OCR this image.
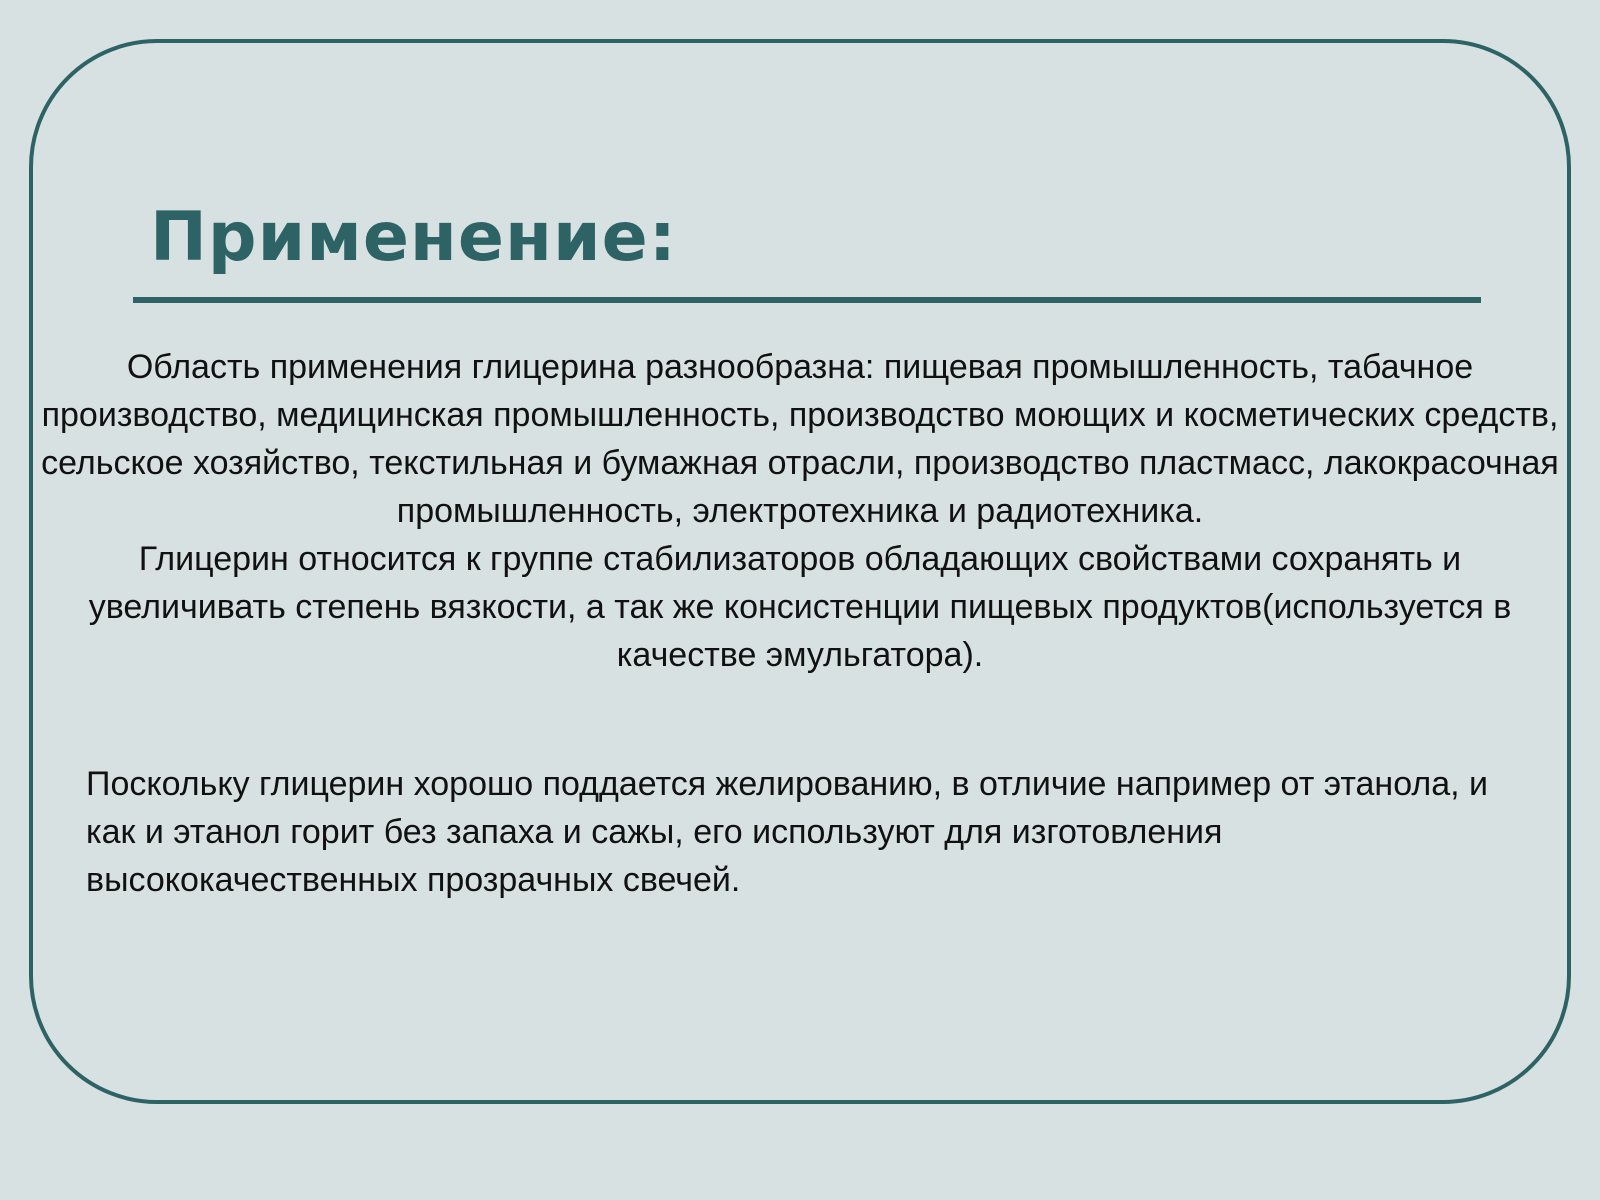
Применение:

Область применения глицерина разнообразна: пищевая промышленность, табачное производство, медицинская промышленность, производство моющих и косметических средств, сельское хозяйство, текстильная и бумажная отрасли, производство пластмасс, лакокрасочная промышленность, электротехника и радиотехника.

Глицерин относится к группе стабилизаторов обладающих свойствами сохранять и увеличивать степень вязкости, а так же консистенции пищевых продуктов(используется в качестве эмульгатора).

Поскольку глицерин хорошо поддается желированию, в отличие например от этанола, и как и этанол горит без запаха и сажы, его используют для изготовления высококачественных прозрачных свечей.
